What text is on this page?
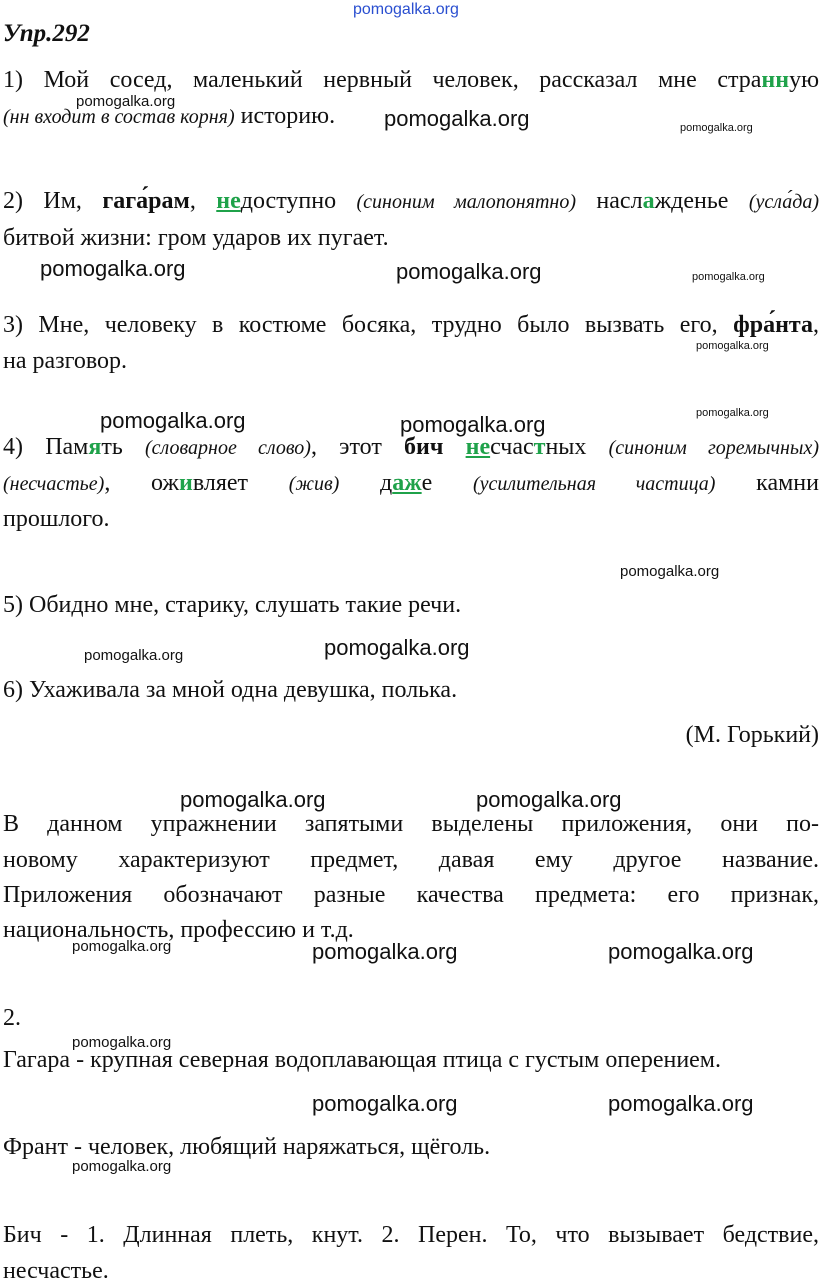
pomogalka.org
Упр.292
1) Мой сосед, маленький нервный человек, рассказал мне странную
(нн входит в состав корня) историю.
2) Им, гага́рам, недоступно (синоним малопонятно) наслажденье (усла́да)
битвой жизни: гром ударов их пугает.
3) Мне, человеку в костюме босяка, трудно было вызвать его, фра́нта,
на разговор.
4) Память (словарное слово), этот бич несчастных (синоним горемычных)
(несчастье), оживляет (жив) даже (усилительная частица) камни
прошлого.
5) Обидно мне, старику, слушать такие речи.
6) Ухаживала за мной одна девушка, полька.
(М. Горький)
В данном упражнении запятыми выделены приложения, они по-
новому характеризуют предмет, давая ему другое название.
Приложения обозначают разные качества предмета: его признак,
национальность, профессию и т.д.
2.
Гагара - крупная северная водоплавающая птица с густым оперением.
Франт - человек, любящий наряжаться, щёголь.
Бич - 1. Длинная плеть, кнут. 2. Перен. То, что вызывает бедствие,
несчастье.
pomogalka.org
pomogalka.org	pomogalka.org
pomogalka.org	pomogalka.org	pomogalka.org
pomogalka.org
pomogalka.org	pomogalka.org	pomogalka.org
pomogalka.org
pomogalka.org	pomogalka.org
pomogalka.org	pomogalka.org
pomogalka.org	pomogalka.org	pomogalka.org
pomogalka.org
pomogalka.org	pomogalka.org
pomogalka.org
